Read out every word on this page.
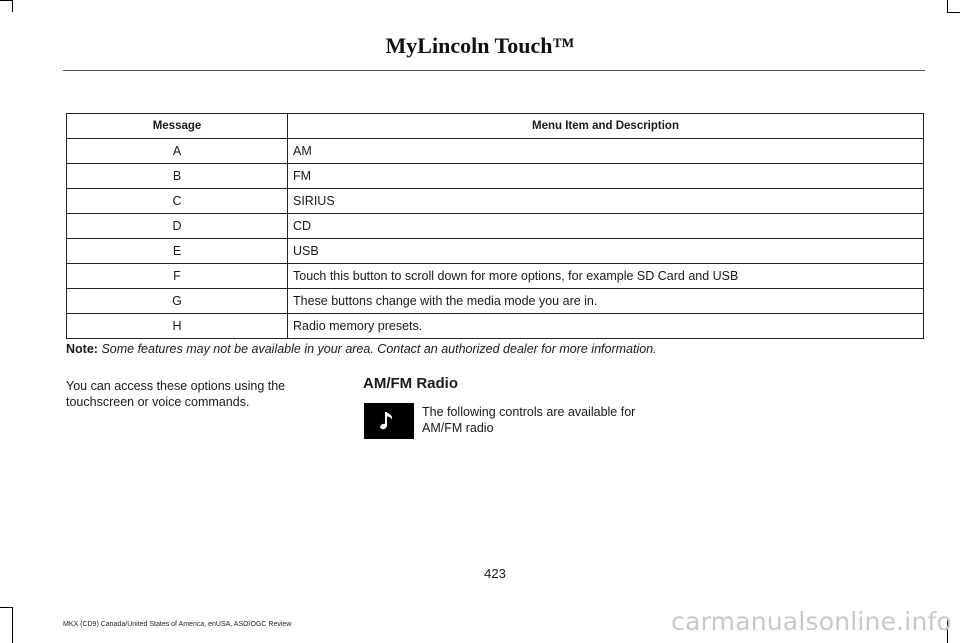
MyLincoln Touch™
Message	Menu Item and Description
A	AM
B	FM
C	SIRIUS
D	CD
E	USB
F	Touch this button to scroll down for more options, for example SD Card and USB
G	These buttons change with the media mode you are in.
H	Radio memory presets.
Note: Some features may not be available in your area. Contact an authorized dealer for more information.
You can access these options using the touchscreen or voice commands.
AM/FM Radio
The following controls are available for AM/FM radio
423
MKX (CD9) Canada/United States of America, enUSA, ASO/OGC Review	carmanualsonline.info
